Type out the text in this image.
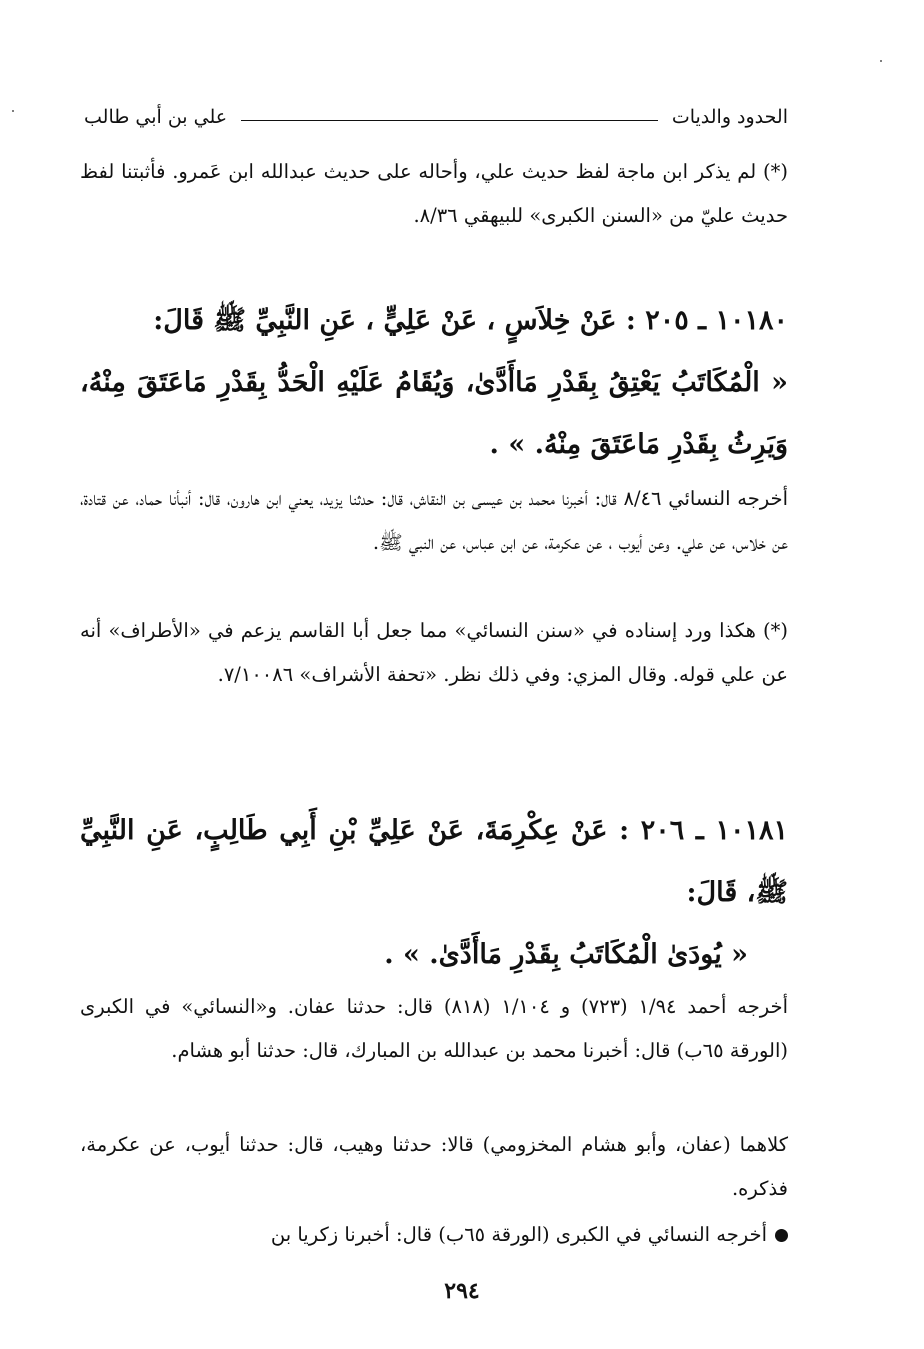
الحدود والديات
علي بن أبي طالب
(*) لم يذكر ابن ماجة لفظ حديث علي، وأحاله على حديث عبدالله ابن عَمرو. فأثبتنا لفظ حديث عليّ من «السنن الكبرى» للبيهقي ٨/٣٦.
١٠١٨٠ ـ ٢٠٥ : عَنْ خِلاَسٍ ، عَنْ عَلِيٍّ ، عَنِ النَّبِيِّ ﷺ قَالَ:
« الْمُكَاتَبُ يَعْتِقُ بِقَدْرِ مَاأَدَّىٰ، وَيُقَامُ عَلَيْهِ الْحَدُّ بِقَدْرِ مَاعَتَقَ مِنْهُ، وَيَرِثُ بِقَدْرِ مَاعَتَقَ مِنْهُ. » .
أخرجه النسائي ٨/٤٦ قال: أخبرنا محمد بن عيسى بن النقاش، قال: حدثنا يزيد، يعني ابن هارون، قال: أنبأنا حماد، عن قتادة، عن خلاس، عن علي. وعن أيوب ، عن عكرمة، عن ابن عباس، عن النبي ﷺ.
(*) هكذا ورد إسناده في «سنن النسائي» مما جعل أبا القاسم يزعم في «الأطراف» أنه عن علي قوله. وقال المزي: وفي ذلك نظر. «تحفة الأشراف» ٧/١٠٠٨٦.
١٠١٨١ ـ ٢٠٦ : عَنْ عِكْرِمَةَ، عَنْ عَلِيِّ بْنِ أَبِي طَالِبٍ، عَنِ النَّبِيِّ ﷺ، قَالَ:
« يُودَىٰ الْمُكَاتَبُ بِقَدْرِ مَاأَدَّىٰ. » .
أخرجه أحمد ١/٩٤ (٧٢٣) و ١/١٠٤ (٨١٨) قال: حدثنا عفان. و«النسائي» في الكبرى (الورقة ٦٥ب) قال: أخبرنا محمد بن عبدالله بن المبارك، قال: حدثنا أبو هشام.
كلاهما (عفان، وأبو هشام المخزومي) قالا: حدثنا وهيب، قال: حدثنا أيوب، عن عكرمة، فذكره.
أخرجه النسائي في الكبرى (الورقة ٦٥ب) قال: أخبرنا زكريا بن
٢٩٤
